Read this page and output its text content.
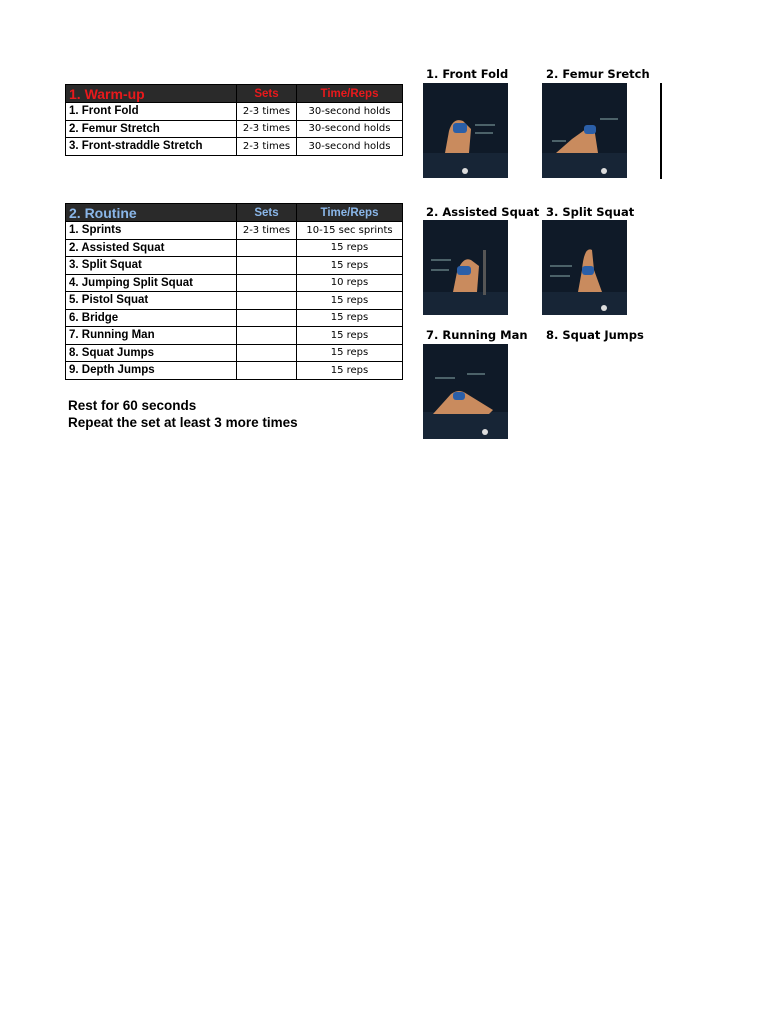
1. Warm-up	Sets	Time/Reps
1. Front Fold	2-3 times	30-second holds
2. Femur Stretch	2-3 times	30-second holds
3. Front-straddle Stretch	2-3 times	30-second holds
2. Routine	Sets	Time/Reps
1. Sprints	2-3 times	10-15 sec sprints
2. Assisted Squat		15 reps
3. Split Squat		15 reps
4. Jumping Split Squat		10 reps
5. Pistol Squat		15 reps
6. Bridge		15 reps
7. Running Man		15 reps
8. Squat Jumps		15 reps
9. Depth Jumps		15 reps
Rest for 60 seconds
Repeat the set at least 3 more times
1. Front Fold	2. Femur Sretch
2. Assisted Squat 3. Split Squat
7. Running Man 8. Squat Jumps
